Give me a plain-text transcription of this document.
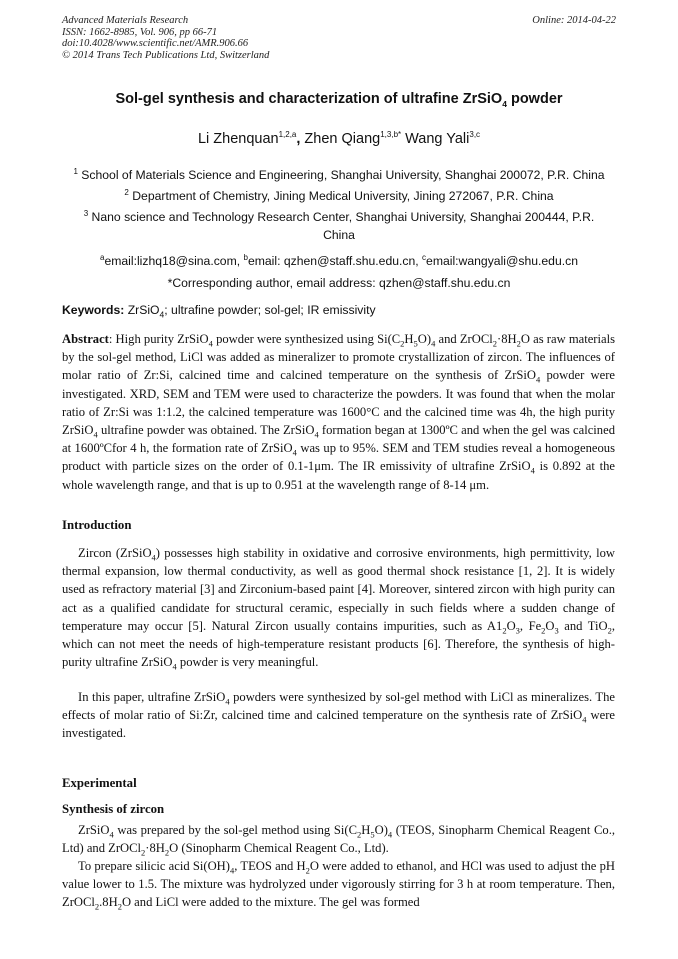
Advanced Materials Research
ISSN: 1662-8985, Vol. 906, pp 66-71
doi:10.4028/www.scientific.net/AMR.906.66
© 2014 Trans Tech Publications Ltd, Switzerland
Online: 2014-04-22
Sol-gel synthesis and characterization of ultrafine ZrSiO$_4$ powder
Li Zhenquan$^{1,2,a}$, Zhen Qiang$^{1,3,b*}$ Wang Yali$^{3,c}$
$^1$ School of Materials Science and Engineering, Shanghai University, Shanghai 200072, P.R. China
$^2$ Department of Chemistry, Jining Medical University, Jining 272067, P.R. China
$^3$ Nano science and Technology Research Center, Shanghai University, Shanghai 200444, P.R. China
$^a$email:lizhq18@sina.com, $^b$email: qzhen@staff.shu.edu.cn, $^c$email:wangyali@shu.edu.cn
*Corresponding author, email address: qzhen@staff.shu.edu.cn
Keywords: ZrSiO$_4$; ultrafine powder; sol-gel; IR emissivity
Abstract: High purity ZrSiO$_4$ powder were synthesized using $Si(C_2H_5O)_4$ and $ZrOCl_2\cdot 8H_2O$ as raw materials by the sol-gel method, LiCl was added as mineralizer to promote crystallization of zircon. The influences of molar ratio of Zr:Si, calcined time and calcined temperature on the synthesis of ZrSiO$_4$ powder were investigated. XRD, SEM and TEM were used to characterize the powders. It was found that when the molar ratio of Zr:Si was 1:1.2, the calcined temperature was 1600°C and the calcined time was 4h, the high purity ZrSiO$_4$ ultrafine powder was obtained. The ZrSiO$_4$ formation began at 1300ºC and when the gel was calcined at 1600ºCfor 4 h, the formation rate of ZrSiO$_4$ was up to 95%. SEM and TEM studies reveal a homogeneous product with particle sizes on the order of 0.1-1μm. The IR emissivity of ultrafine ZrSiO$_4$ is 0.892 at the whole wavelength range, and that is up to 0.951 at the wavelength range of 8-14 μm.
Introduction
Zircon (ZrSiO$_4$) possesses high stability in oxidative and corrosive environments, high permittivity, low thermal expansion, low thermal conductivity, as well as good thermal shock resistance [1, 2]. It is widely used as refractory material [3] and Zirconium-based paint [4]. Moreover, sintered zircon with high purity can act as a qualified candidate for structural ceramic, especially in such fields where a sudden change of temperature may occur [5]. Natural Zircon usually contains impurities, such as $A1_2O_3$, $Fe_2O_3$ and TiO$_2$, which can not meet the needs of high-temperature resistant products [6]. Therefore, the synthesis of high-purity ultrafine ZrSiO$_4$ powder is very meaningful.
In this paper, ultrafine ZrSiO$_4$ powders were synthesized by sol-gel method with LiCl as mineralizes. The effects of molar ratio of Si:Zr, calcined time and calcined temperature on the synthesis rate of ZrSiO$_4$ were investigated.
Experimental
Synthesis of zircon
ZrSiO$_4$ was prepared by the sol-gel method using $Si(C_2H_5O)_4$ (TEOS, Sinopharm Chemical Reagent Co., Ltd) and $ZrOCl_2\cdot 8H_2O$ (Sinopharm Chemical Reagent Co., Ltd).
To prepare silicic acid $Si(OH)_4$, TEOS and $H_2O$ were added to ethanol, and HCl was used to adjust the pH value lower to 1.5. The mixture was hydrolyzed under vigorously stirring for 3 h at room temperature. Then, $ZrOCl_2.8H_2O$ and LiCl were added to the mixture. The gel was formed
